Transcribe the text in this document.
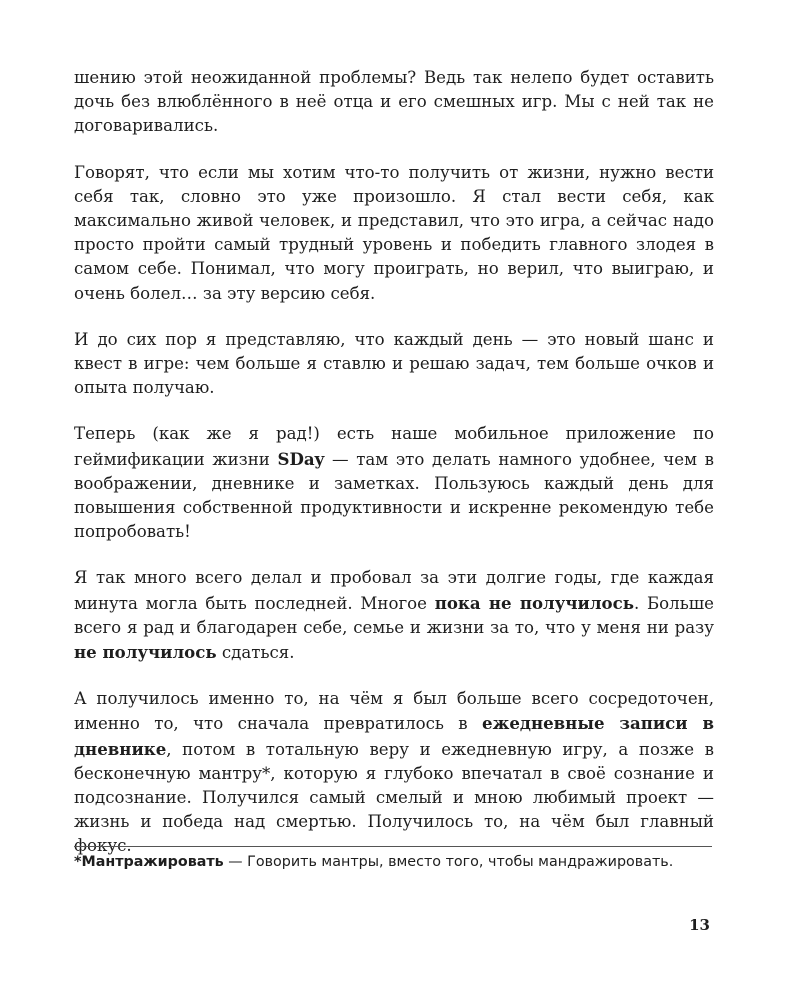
шению этой неожиданной проблемы? Ведь так нелепо будет оставить дочь без влюблённого в неё отца и его смешных игр. Мы с ней так не договаривались.

Говорят, что если мы хотим что-то получить от жизни, нужно вести себя так, словно это уже произошло. Я стал вести себя, как максимально живой человек, и представил, что это игра, а сейчас надо просто пройти самый трудный уровень и победить главного злодея в самом себе. Понимал, что могу проиграть, но верил, что выиграю, и очень болел… за эту версию себя.

И до сих пор я представляю, что каждый день — это новый шанс и квест в игре: чем больше я ставлю и решаю задач, тем больше очков и опыта получаю.

Теперь (как же я рад!) есть наше мобильное приложение по геймификации жизни SDay — там это делать намного удобнее, чем в воображении, дневнике и заметках. Пользуюсь каждый день для повышения собственной продуктивности и искренне рекомендую тебе попробовать!

Я так много всего делал и пробовал за эти долгие годы, где каждая минута могла быть последней. Многое пока не получилось. Больше всего я рад и благодарен себе, семье и жизни за то, что у меня ни разу не получилось сдаться.

А получилось именно то, на чём я был больше всего сосредоточен, именно то, что сначала превратилось в ежедневные записи в дневнике, потом в тотальную веру и ежедневную игру, а позже в бесконечную мантру*, которую я глубоко впечатал в своё сознание и подсознание. Получился самый смелый и мною любимый проект — жизнь и победа над смертью. Получилось то, на чём был главный фокус.

*Мантражировать — Говорить мантры, вместо того, чтобы мандражировать.
13
